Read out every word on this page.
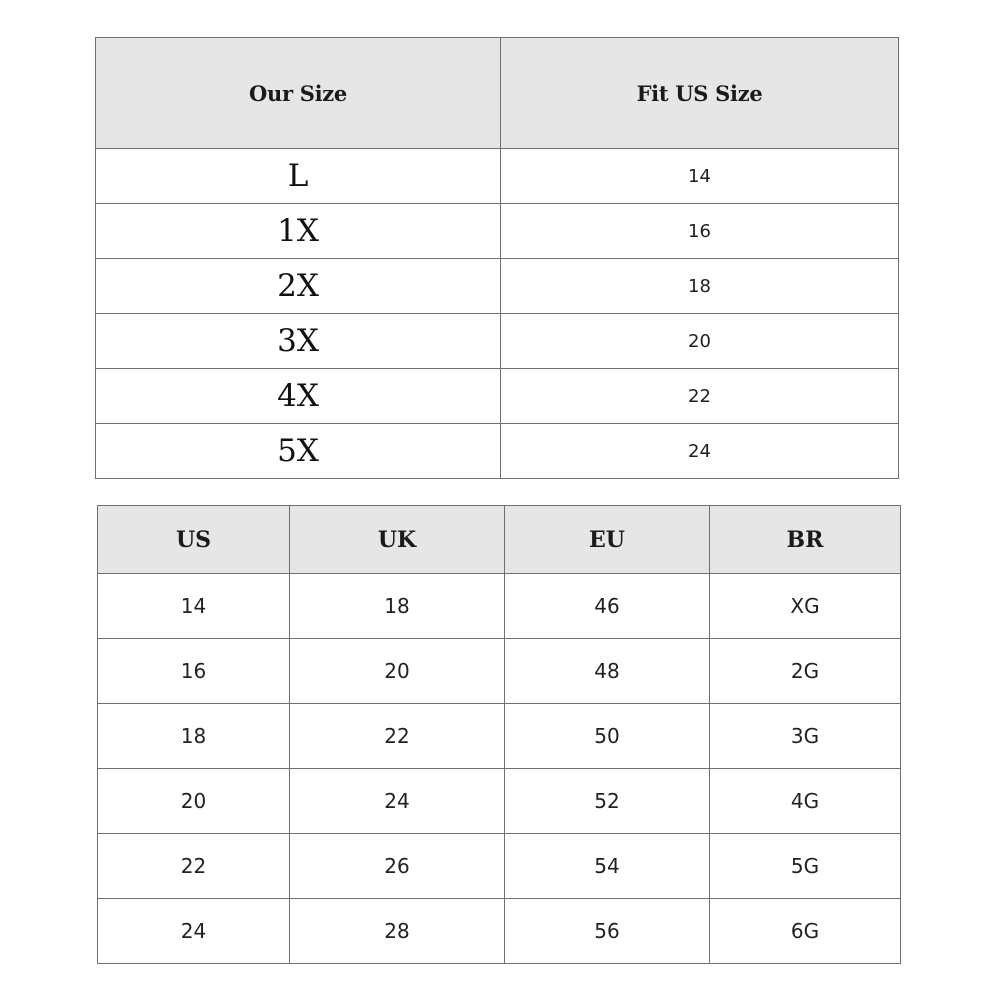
Our Size	Fit US Size
L	14
1X	16
2X	18
3X	20
4X	22
5X	24
US	UK	EU	BR
14	18	46	XG
16	20	48	2G
18	22	50	3G
20	24	52	4G
22	26	54	5G
24	28	56	6G
